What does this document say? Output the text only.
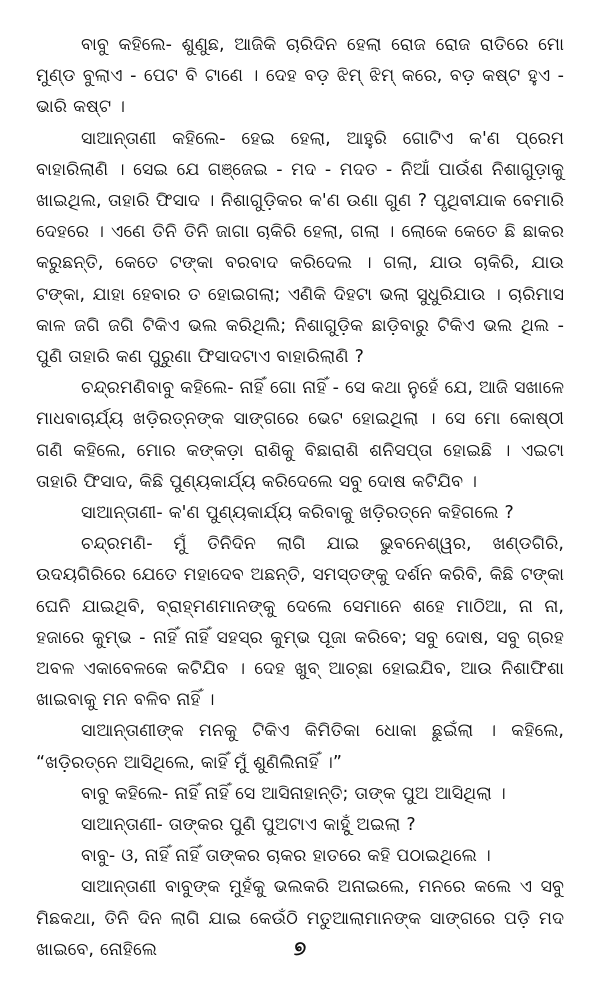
ବାବୁ କହିଲେ- ଶୁଣୁଛ, ଆଜିକି ଚାରିଦିନ ହେଲା ରୋଜ ରୋଜ ରାତିରେ ମୋ ମୁଣ୍ଡ ବୁଲାଏ - ପେଟ ବି ଟାଣେ । ଦେହ ବଡ଼ ଝିମ୍ ଝିମ୍ କରେ, ବଡ଼ କଷ୍ଟ ହୁଏ - ଭାରି କଷ୍ଟ ।

ସାଆନ୍ତାଣୀ କହିଲେ- ହେଇ ହେଲା, ଆହୁରି ଗୋଟିଏ କ'ଣ ପ୍ରେମ ବାହାରିଲାଣି । ସେଇ ଯେ ଗଞ୍ଜେଇ - ମଦ - ମଦତ - ନିଆଁ ପାଉଁଶ ନିଶାଗୁଡ଼ାକୁ ଖାଇଥିଲ, ତାହାରି ଫିସାଦ । ନିଶାଗୁଡ଼ିକର କ'ଣ ଉଣା ଗୁଣ ? ପୃଥିବୀଯାକ ବେମାରି ଦେହରେ । ଏଣେ ତିନି ତିନି ଜାଗା ଚାକିରି ହେଲା, ଗଲା । ଲୋକେ କେତେ ଛି ଛାକର କରୁଛନ୍ତି, କେତେ ଟଙ୍କା ବରବାଦ କରିଦେଲ । ଗଲା, ଯାଉ ଚାକିରି, ଯାଉ ଟଙ୍କା, ଯାହା ହେବାର ତ ହୋଇଗଲା; ଏଣିକି ଦିହଟା ଭଲା ସୁଧୁରିଯାଉ । ଚାରିମାସ କାଳ ଜଗି ଜଗି ଟିକିଏ ଭଲ କରିଥିଲି; ନିଶାଗୁଡ଼ିକ ଛାଡ଼ିବାରୁ ଟିକିଏ ଭଲ ଥିଲ - ପୁଣି ତାହାରି କଣ ପୁରୁଣା ଫିସାଦଟାଏ ବାହାରିଲାଣି ?

ଚନ୍ଦ୍ରମଣିବାବୁ କହିଲେ- ନାହିଁ ଗୋ ନାହିଁ - ସେ କଥା ନୁହେଁ ଯେ, ଆଜି ସଖାଳେ ମାଧବାଚାର୍ଯ୍ୟ ଖଡ଼ିରତ୍ନଙ୍କ ସାଙ୍ଗରେ ଭେଟ ହୋଇଥିଲା । ସେ ମୋ କୋଷ୍ଠୀ ଗଣି କହିଲେ, ମୋର କଙ୍କଡ଼ା ରାଶିକୁ ବିଛାରାଶି ଶନିସପ୍ତା ହୋଇଛି । ଏଇଟା ତାହାରି ଫିସାଦ, କିଛି ପୁଣ୍ୟକାର୍ଯ୍ୟ କରିଦେଲେ ସବୁ ଦୋଷ କଟିଯିବ ।

ସାଆନ୍ତାଣୀ- କ'ଣ ପୁଣ୍ୟକାର୍ଯ୍ୟ କରିବାକୁ ଖଡ଼ିରତ୍ନେ କହିଗଲେ ?

ଚନ୍ଦ୍ରମଣି- ମୁଁ ତିନିଦିନ ଲାଗି ଯାଇ ଭୁବନେଶ୍ୱର, ଖଣ୍ଡଗିରି, ଉଦୟଗିରିରେ ଯେତେ ମହାଦେବ ଅଛନ୍ତି, ସମସ୍ତଙ୍କୁ ଦର୍ଶନ କରିବି, କିଛି ଟଙ୍କା ଘେନି ଯାଇଥିବି, ବ୍ରାହ୍ମଣମାନଙ୍କୁ ଦେଲେ ସେମାନେ ଶହେ ମାଠିଆ, ନା ନା, ହଜାରେ କୁମ୍ଭ - ନାହିଁ ନାହିଁ ସହସ୍ର କୁମ୍ଭ ପୂଜା କରିବେ; ସବୁ ଦୋଷ, ସବୁ ଗ୍ରହ ଅବଳ ଏକାବେଳକେ କଟିଯିବ । ଦେହ ଖୁବ୍ ଆଚ୍ଛା ହୋଇଯିବ, ଆଉ ନିଶାଫିଶା ଖାଇବାକୁ ମନ ବଳିବ ନାହିଁ ।

ସାଆନ୍ତାଣୀଙ୍କ ମନକୁ ଟିକିଏ କିମିତିକା ଧୋକା ଛୁଇଁଲା । କହିଲେ, “ଖଡ଼ିରତ୍ନେ ଆସିଥିଲେ, କାହିଁ ମୁଁ ଶୁଣିଲିନାହିଁ ।”

ବାବୁ କହିଲେ- ନାହିଁ ନାହିଁ ସେ ଆସିନାହାନ୍ତି; ତାଙ୍କ ପୁଅ ଆସିଥିଲା ।

ସାଆନ୍ତାଣୀ- ତାଙ୍କର ପୁଣି ପୁଅଟାଏ କାହୁଁ ଅଇଲା ?

ବାବୁ- ଓ, ନାହିଁ ନାହିଁ ତାଙ୍କର ଚାକର ହାତରେ କହି ପଠାଇଥିଲେ ।

ସାଆନ୍ତାଣୀ ବାବୁଙ୍କ ମୁହଁକୁ ଭଲକରି ଅନାଇଲେ, ମନରେ କଲେ ଏ ସବୁ ମିଛକଥା, ତିନି ଦିନ ଲାଗି ଯାଇ କେଉଁଠି ମତୁଆଲାମାନଙ୍କ ସାଙ୍ଗରେ ପଡ଼ି ମଦ ଖାଇବେ, ନୋହିଲେ	୭
